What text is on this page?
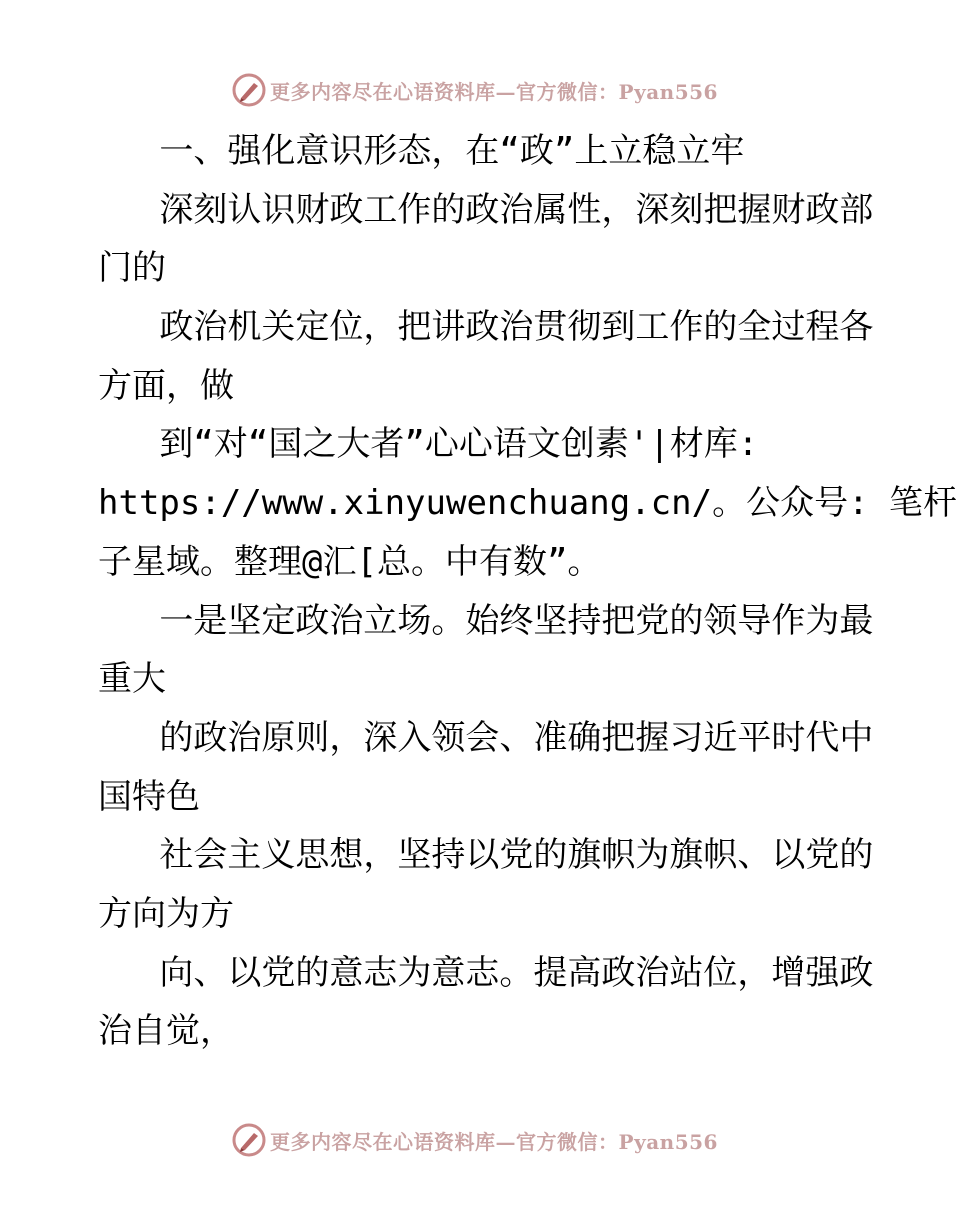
更多内容尽在心语资料库—官方微信：Pyan556
一、强化意识形态，在“政”上立稳立牢
深刻认识财政工作的政治属性，深刻把握财政部
门的
政治机关定位，把讲政治贯彻到工作的全过程各
方面，做
到“对“国之大者”心心语文创素'|材库:
https://www.xinyuwenchuang.cn/。公众号: 笔杆
子星域。整理@汇[总。中有数”。
一是坚定政治立场。始终坚持把党的领导作为最
重大
的政治原则，深入领会、准确把握习近平时代中
国特色
社会主义思想，坚持以党的旗帜为旗帜、以党的
方向为方
向、以党的意志为意志。提高政治站位，增强政
治自觉，
更多内容尽在心语资料库—官方微信：Pyan556
